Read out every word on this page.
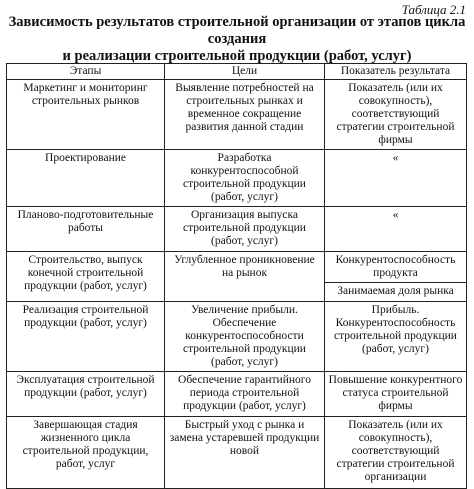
Таблица 2.1
Зависимость результатов строительной организации от этапов цикла создания
и реализации строительной продукции (работ, услуг)
Этапы	Цели	Показатель результата
Маркетинг и мониторинг строительных рынков	Выявление потребностей на строительных рынках и временное сокращение развития данной стадии	Показатель (или их совокупность), соответствующий стратегии строительной фирмы
Проектирование	Разработка конкурентоспособной строительной продукции (работ, услуг)	«
Планово-подготовительные работы	Организация выпуска строительной продукции (работ, услуг)	«
Строительство, выпуск конечной строительной продукции (работ, услуг)	Углубленное проникновение на рынок	Конкурентоспособность продукта
		Занимаемая доля рынка
Реализация строительной продукции (работ, услуг)	Увеличение прибыли. Обеспечение конкурентоспособности строительной продукции (работ, услуг)	Прибыль. Конкурентоспособность строительной продукции (работ, услуг)
Эксплуатация строительной продукции (работ, услуг)	Обеспечение гарантийного периода строительной продукции (работ, услуг)	Повышение конкурентного статуса строительной фирмы
Завершающая стадия жизненного цикла строительной продукции, работ, услуг	Быстрый уход с рынка и замена устаревшей продукции новой	Показатель (или их совокупность), соответствующий стратегии строительной организации
